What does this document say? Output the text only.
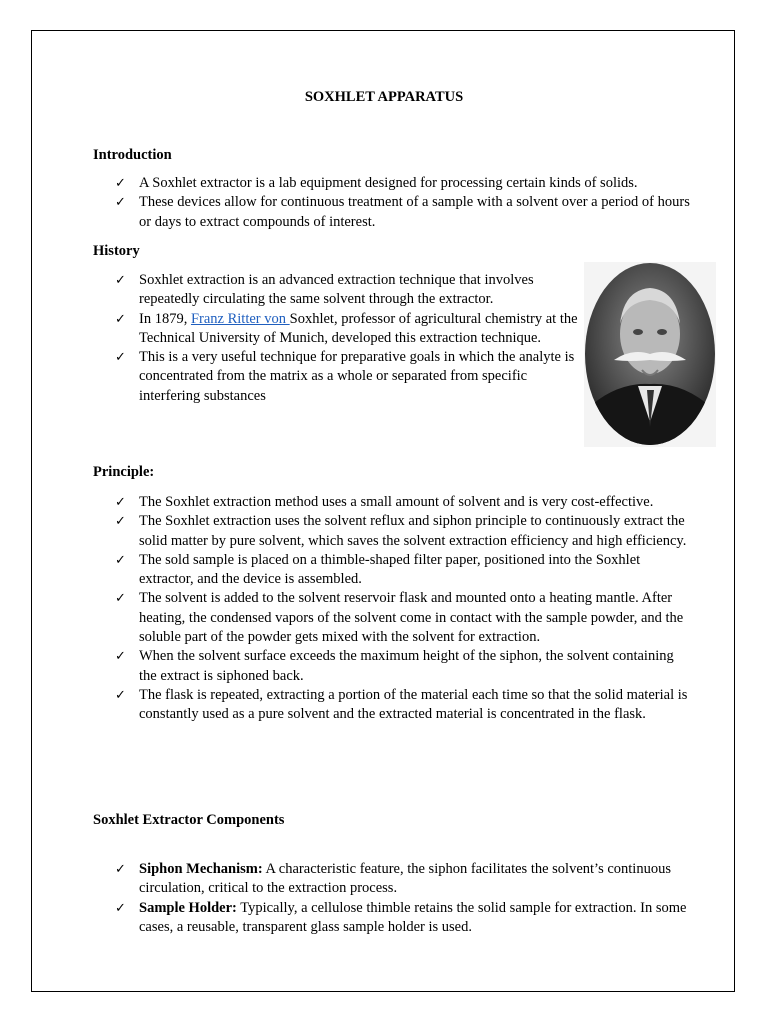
SOXHLET APPARATUS
Introduction
✓ A Soxhlet extractor is a lab equipment designed for processing certain kinds of solids.
✓ These devices allow for continuous treatment of a sample with a solvent over a period of hours or days to extract compounds of interest.
History
✓ Soxhlet extraction is an advanced extraction technique that involves repeatedly circulating the same solvent through the extractor.
✓ In 1879, Franz Ritter von Soxhlet, professor of agricultural chemistry at the Technical University of Munich, developed this extraction technique.
✓ This is a very useful technique for preparative goals in which the analyte is concentrated from the matrix as a whole or separated from specific interfering substances
Principle:
✓ The Soxhlet extraction method uses a small amount of solvent and is very cost-effective.
✓ The Soxhlet extraction uses the solvent reflux and siphon principle to continuously extract the solid matter by pure solvent, which saves the solvent extraction efficiency and high efficiency.
✓ The sold sample is placed on a thimble-shaped filter paper, positioned into the Soxhlet extractor, and the device is assembled.
✓ The solvent is added to the solvent reservoir flask and mounted onto a heating mantle. After heating, the condensed vapors of the solvent come in contact with the sample powder, and the soluble part of the powder gets mixed with the solvent for extraction.
✓ When the solvent surface exceeds the maximum height of the siphon, the solvent containing the extract is siphoned back.
✓ The flask is repeated, extracting a portion of the material each time so that the solid material is constantly used as a pure solvent and the extracted material is concentrated in the flask.
Soxhlet Extractor Components
✓ Siphon Mechanism: A characteristic feature, the siphon facilitates the solvent’s continuous circulation, critical to the extraction process.
✓ Sample Holder: Typically, a cellulose thimble retains the solid sample for extraction. In some cases, a reusable, transparent glass sample holder is used.
